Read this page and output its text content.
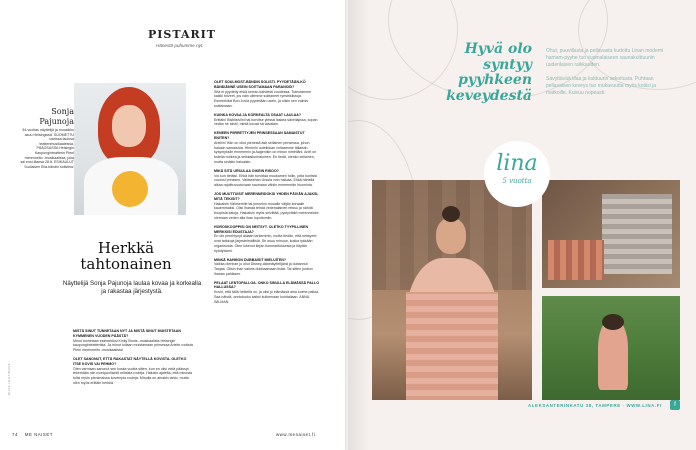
PISTARIT
Hänestä puhumme nyt.
Sonja
Pajunoja
34-vuotias näyttelijä ja muusikko asuu Helsingissä. SUOMETTU useissa laulusa teatterimusikaaleissa. PÄÄOSASSA Helsingin Kaupunginteatterin Pieni merenneito -musikaalissa, joka sai ensi-illansa 28.8. ESIKAULUT Suolaisen Eila-bändin solistina.
Herkkä tahtonainen
Näyttelijä Sonja Pajunoja laulaa kovaa ja korkealla ja rakastaa järjestystä.
OLET SOULMOST-BÄNDIN SOLISTI. PYYDETÄÄN-KÖ BÄNDIÄNNE USEIN SOITTAMAAN PARANOID?
Sitä ei pyydetty ehkä kerran-kahdesti vuodessa. Toteutamme kaikki toiveet, jos vain olemme soittaneet ryestriklistuja. Esimerkiksi Bon Jovia pyydetään usein, ja olisin sen valmis soittamaan.
KUINKA KOVAA JA KORKEALTA OSAAT LAULAA?
Erittäin! Bisbiisiviini hal korvitse ylessä laskea sävellajissa, sopan vedän ne siistil, mintä kovaa sä taivalain.
KENEEN PIIRRETTYJEN PRINSESSAAN SAMAISTUT ENITEN?
Arieliin! Hän on ollut pienestä asti sellainen prinsessa, johon halusin samaistua. Hinnelin uutelinkan voitaamme tällaisiin kysymyksiin ennemmin ja Aagenikin on minun nimelläni. Ariel on todella rohkea ja seikkailunhaluinen. En tiedä, olenko sellainen, mutta sinäkin haluaisin.
MIKÄ SITÄ URSULAA OIKEIN RISOO?
Voi kun tietäisi. Ehkä hän turvittaa muukamen hölin, jotta tunitsisi vuorosi prinssen. Valitseehan Ursula voin haluaa. Ehkä hänellä alkaa rajoittuvuutuvaan saumaan vähiin ennemmän huomiota.
JOS MUUTTUISIT MERENNEIDOKSI YHDEN PÄIVÄN AJAKSI, MITÄ TEKISIT?
Haluaisin Välimerelle tai jonnekin muualle väljän koraalin kauemmaksi. Olisi ihanaa tehdä vedenalainen reissu ja nähdä troopisia kaloja. Haluaisin myös selvittää, pystyvätkö merenneidot olemaan veden alla ihan loputtomiin.
HOROSKOOPPISI ON NEITSYT. OLETKO TYYPILLINEN MERKKISI EDUSTAJA?
En ole perehtynyt asiaan tarkemmin, mutta tiedän, että neitsyeet ovat tarkkoja järjestelmällisiä. Se osuu minuun, koska tykkään organisoida. Olen lukenut kirjan konmarituksesta ja käytän hyödykseni.
MINKÄ HAHMON DUBBAISIT MIELUITEN?
Vaikka olenhan jo ollut Disney-ääninäyttelijänä ja dubannut Tanjaa. Olisin ihan valmis dubbaamaan lisää. Tai sitten jonkun ihanan pahiksen.
PELAAT LENTOPALLOA. ONKO SINULLA ELÄMÄSSÄ PALLO HALLUSSA?
Kuvin, että tällä hetkellä on, ja olisi jo elämässä aina kolme palloa. Saa nähdä, onnistuuko kaikki kulkemaan kohdallaan. ANNA WILMAN
MISTÄ SINUT TUNNETAAN NYT JA MISTÄ SINUT MUISTETAAN KYMMENEN VUODEN PÄÄSTÄ?
Minut tunnetaan esimerkiksi Kinky Boots -musikaalista Helsingin kaupunginteatterista. Ja minut tullaan muistamaan prinsessa Arielin roolista Pieni merenneito -musikaalista!
OLET SANONUT, ETTÄ RAKASTAT NÄYTELLÄ KOVISTA. OLETKO ITSE KOVIS VAI PEHMO?
Olen varmaan sanonut sen koska vuotta sitten, kun en olisi vielä päässyt tekemään niin monipuolisesti erilaisia rooleja. Halusin ajatella, että minusta tulisi myös pienimaissa kovempia rooleja. Minulla on ainakin tahto, mutta olen myös erittäin herkkä.
KUVA LEHTIKUVA
74 ME NAISET	www.menaiset.fi
Hyvä olo syntyy pyyhkeen keveydestä

Ohut, puuvillasta ja pellavasta kudottu Linan moderni hamam-pyyhe tuo suomalaiseen saunakulttuuriin uudenlaisen raikkauden.

Sävyttävää tilaa ja kulttuurin sekoitusta. Puhtaan pellavaisen keveys tuo mukavuutta myös kotiisi ja matkoille. Kuivuu nopeasti.

lina
5 vuotta
ALEKSANTERINKATU 38, TAMPERE · WWW.LINA.FI	f
